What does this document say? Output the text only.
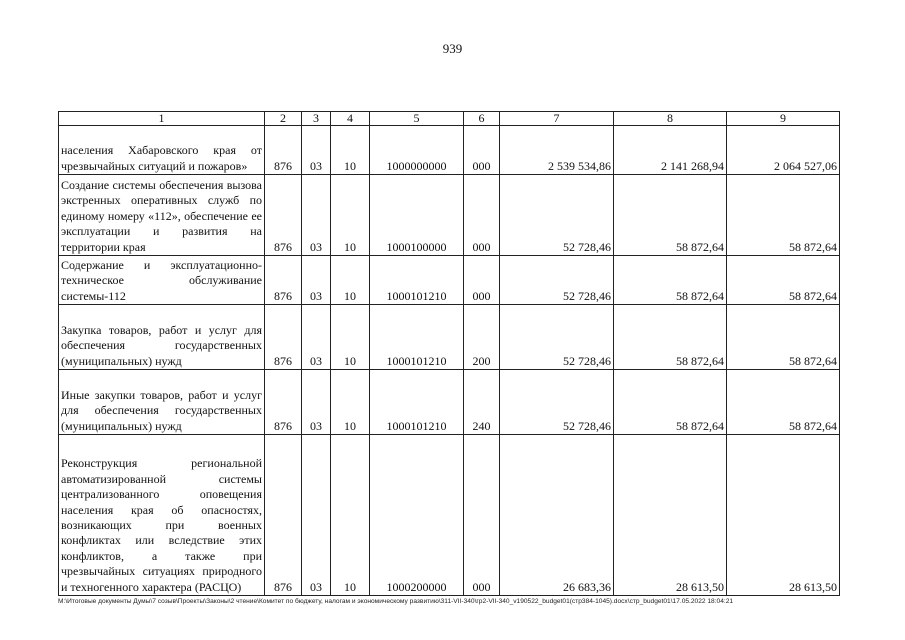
939
1	2	3	4	5	6	7	8	9
населения Хабаровского края от чрезвычайных ситуаций и пожаров»	876	03	10	1000000000	000	2 539 534,86	2 141 268,94	2 064 527,06
Создание системы обеспечения вызова экстренных оперативных служб по единому номеру «112», обеспечение ее эксплуатации и развития на территории края	876	03	10	1000100000	000	52 728,46	58 872,64	58 872,64
Содержание и эксплуатационно-техническое обслуживание системы-112	876	03	10	1000101210	000	52 728,46	58 872,64	58 872,64
Закупка товаров, работ и услуг для обеспечения государственных (муниципальных) нужд	876	03	10	1000101210	200	52 728,46	58 872,64	58 872,64
Иные закупки товаров, работ и услуг для обеспечения государственных (муниципальных) нужд	876	03	10	1000101210	240	52 728,46	58 872,64	58 872,64
Реконструкция региональной автоматизированной системы централизованного оповещения населения края об опасностях, возникающих при военных конфликтах или вследствие этих конфликтов, а также при чрезвычайных ситуациях природного и техногенного характера (РАСЦО)	876	03	10	1000200000	000	26 683,36	28 613,50	28 613,50
M:\Итоговые документы Думы\7 созыв\Проекты\Законы\2 чтение\Комитет по бюджету, налогам и экономическому развитию\311-VII-340\гр2-VII-340_v190522_budget01(стр384-1045).docx\стр_budget01\17.05.2022 18:04:21
